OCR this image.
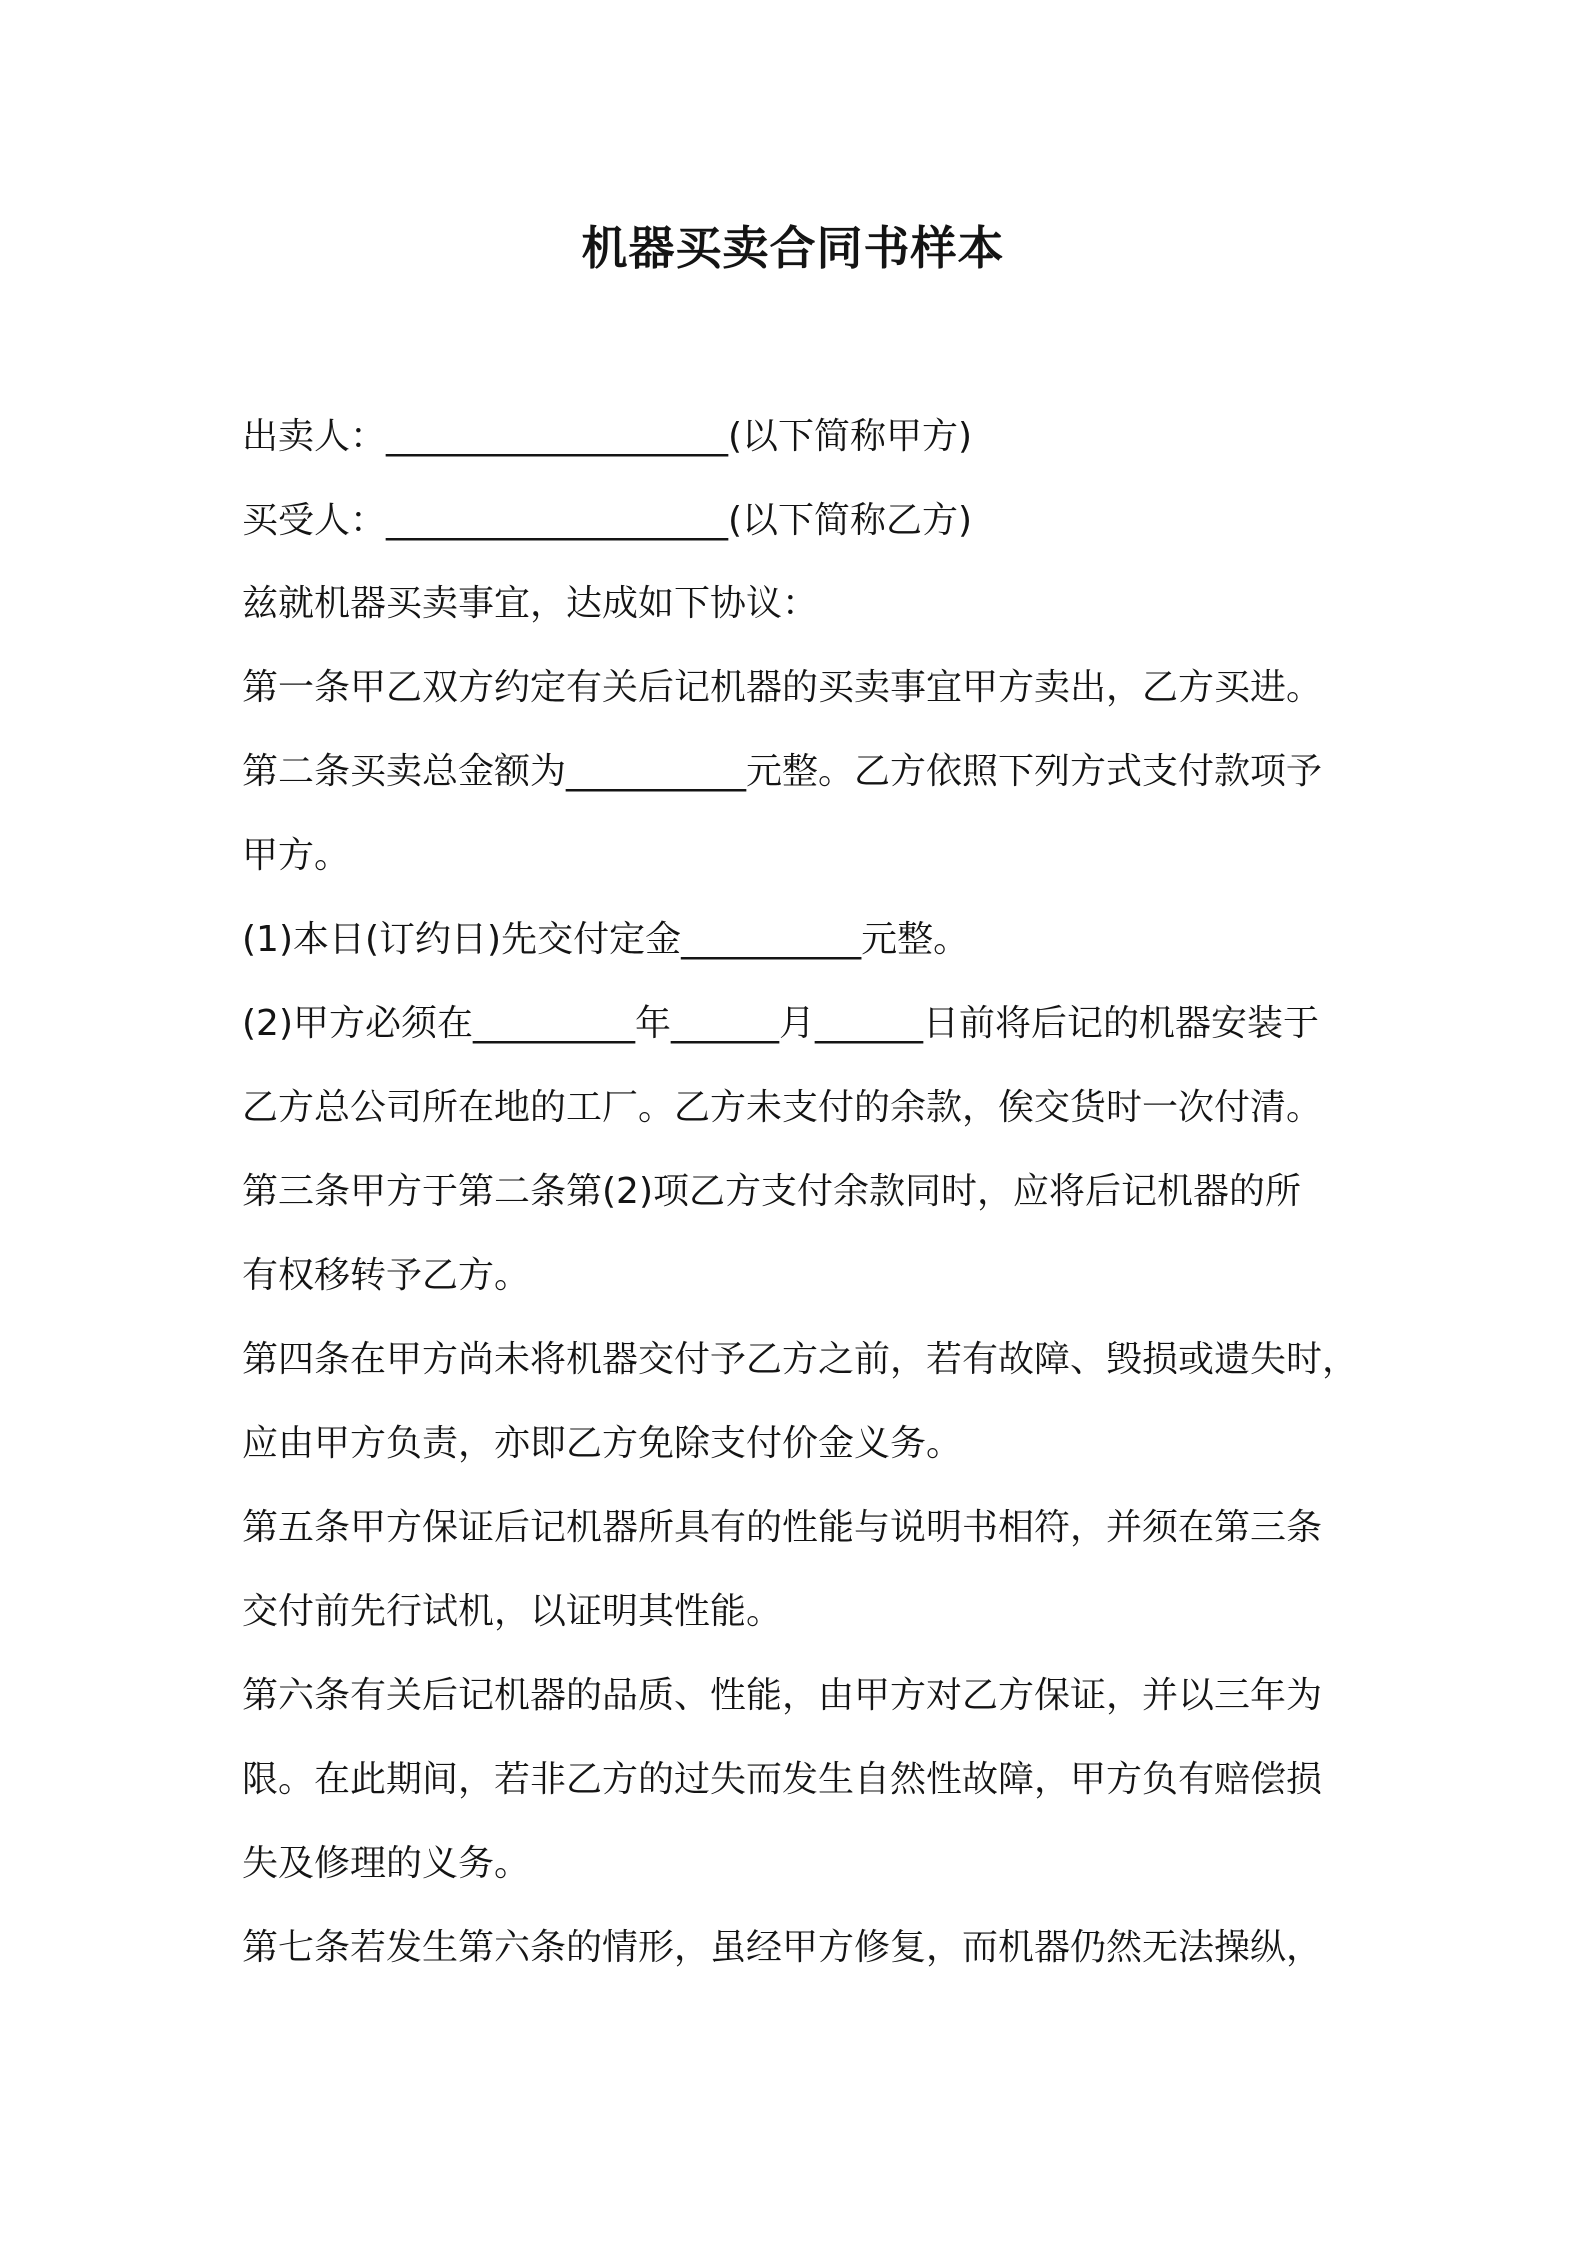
机器买卖合同书样本

出卖人：___________________(以下简称甲方)

买受人：___________________(以下简称乙方)

兹就机器买卖事宜，达成如下协议：

第一条甲乙双方约定有关后记机器的买卖事宜甲方卖出，乙方买进。

第二条买卖总金额为__________元整。乙方依照下列方式支付款项予

甲方。

(1)本日(订约日)先交付定金__________元整。

(2)甲方必须在_________年______月______日前将后记的机器安装于

乙方总公司所在地的工厂。乙方未支付的余款，俟交货时一次付清。

第三条甲方于第二条第(2)项乙方支付余款同时，应将后记机器的所

有权移转予乙方。

第四条在甲方尚未将机器交付予乙方之前，若有故障、毁损或遗失时，

应由甲方负责，亦即乙方免除支付价金义务。

第五条甲方保证后记机器所具有的性能与说明书相符，并须在第三条

交付前先行试机，以证明其性能。

第六条有关后记机器的品质、性能，由甲方对乙方保证，并以三年为

限。在此期间，若非乙方的过失而发生自然性故障，甲方负有赔偿损

失及修理的义务。

第七条若发生第六条的情形，虽经甲方修复，而机器仍然无法操纵，
